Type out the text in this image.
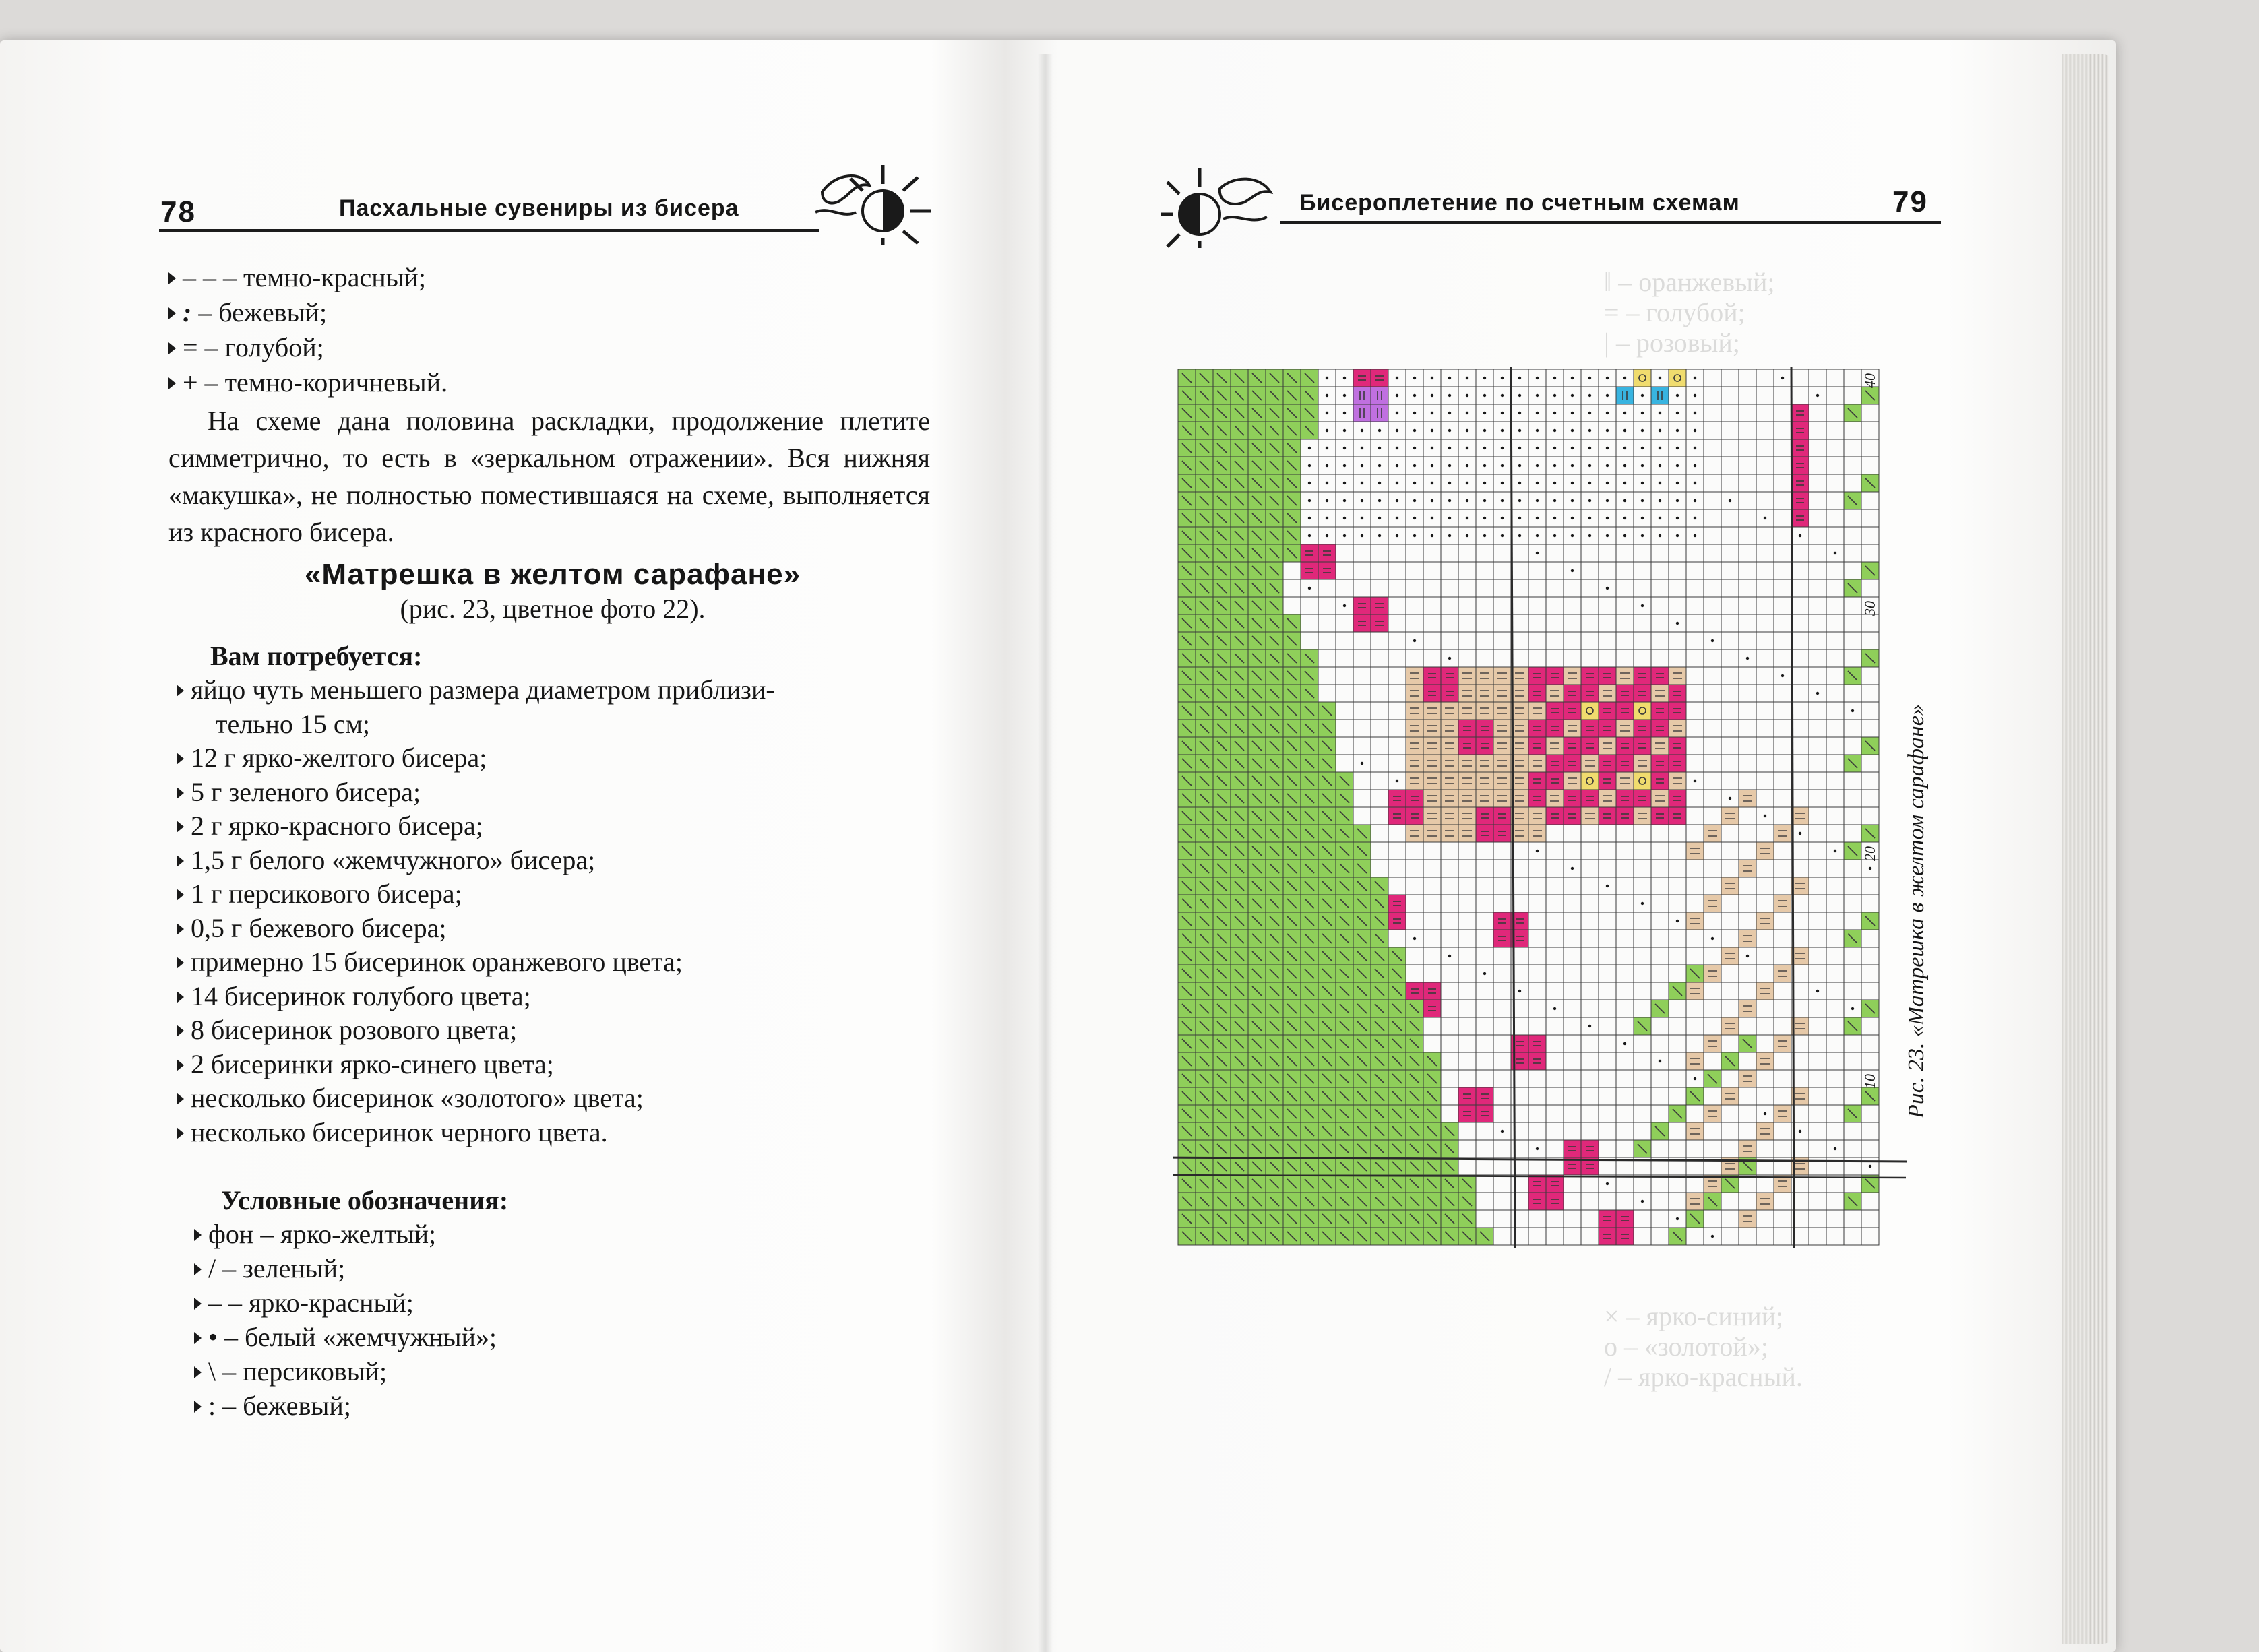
‖ – оранжевый;
= – голубой;
| – розовый;
× – ярко-синий;
о – «золотой»;
/ – ярко-красный.
78	Пасхальные сувениры из бисера
– – – темно-красный;
: – бежевый;
= – голубой;
+ – темно-коричневый.
На схеме дана половина раскладки, продолжение плетите симметрично, то есть в «зеркальном отражении». Вся нижняя «макушка», не полностью поместившаяся на схеме, выполняется из красного бисера.
«Матрешка в желтом сарафане»
(рис. 23, цветное фото 22).
Вам потребуется:
яйцо чуть меньшего размера диаметром приблизи-
тельно 15 см;
12 г ярко-желтого бисера;
5 г зеленого бисера;
2 г ярко-красного бисера;
1,5 г белого «жемчужного» бисера;
1 г персикового бисера;
0,5 г бежевого бисера;
примерно 15 бисеринок оранжевого цвета;
14 бисеринок голубого цвета;
8 бисеринок розового цвета;
2 бисеринки ярко-синего цвета;
несколько бисеринок «золотого» цвета;
несколько бисеринок черного цвета.
Условные обозначения:
фон – ярко-желтый;
/ – зеленый;
– – ярко-красный;
• – белый «жемчужный»;
\ – персиковый;
: – бежевый;
Бисероплетение по счетным схемам	79
40
30
20
10 Рис. 23. «Матрешка в желтом сарафане»
